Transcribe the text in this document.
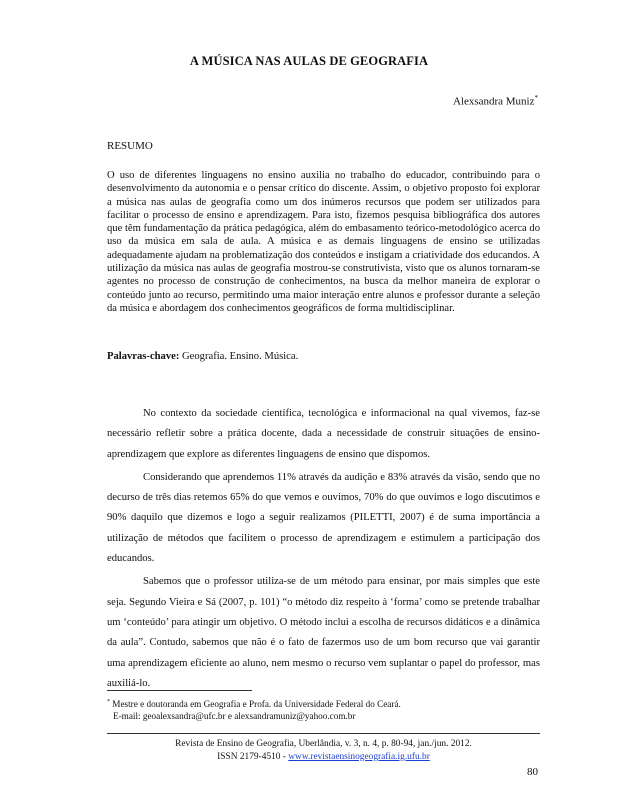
A MÚSICA NAS AULAS DE GEOGRAFIA
Alexsandra Muniz*
RESUMO

O uso de diferentes linguagens no ensino auxilia no trabalho do educador, contribuindo para o desenvolvimento da autonomia e o pensar crítico do discente. Assim, o objetivo proposto foi explorar a música nas aulas de geografia como um dos inúmeros recursos que podem ser utilizados para facilitar o processo de ensino e aprendizagem. Para isto, fizemos pesquisa bibliográfica dos autores que têm fundamentação da prática pedagógica, além do embasamento teórico-metodológico acerca do uso da música em sala de aula. A música e as demais linguagens de ensino se utilizadas adequadamente ajudam na problematização dos conteúdos e instigam a criatividade dos educandos. A utilização da música nas aulas de geografia mostrou-se construtivista, visto que os alunos tornaram-se agentes no processo de construção de conhecimentos, na busca da melhor maneira de explorar o conteúdo junto ao recurso, permitindo uma maior interação entre alunos e professor durante a seleção da música e abordagem dos conhecimentos geográficos de forma multidisciplinar.

Palavras-chave: Geografia. Ensino. Música.

No contexto da sociedade científica, tecnológica e informacional na qual vivemos, faz-se necessário refletir sobre a prática docente, dada a necessidade de construir situações de ensino-aprendizagem que explore as diferentes linguagens de ensino que dispomos.

Considerando que aprendemos 11% através da audição e 83% através da visão, sendo que no decurso de três dias retemos 65% do que vemos e ouvimos, 70% do que ouvimos e logo discutimos e 90% daquilo que dizemos e logo a seguir realizamos (PILETTI, 2007) é de suma importância a utilização de métodos que facilitem o processo de aprendizagem e estimulem a participação dos educandos.

Sabemos que o professor utiliza-se de um método para ensinar, por mais simples que este seja. Segundo Vieira e Sá (2007, p. 101) “o método diz respeito à ‘forma’ como se pretende trabalhar um ‘conteúdo’ para atingir um objetivo. O método inclui a escolha de recursos didáticos e a dinâmica da aula”. Contudo, sabemos que não é o fato de fazermos uso de um bom recurso que vai garantir uma aprendizagem eficiente ao aluno, nem mesmo o recurso vem suplantar o papel do professor, mas auxiliá-lo.

* Mestre e doutoranda em Geografia e Profa. da Universidade Federal do Ceará.
E-mail: geoalexsandra@ufc.br e alexsandramuniz@yahoo.com.br
Revista de Ensino de Geografia, Uberlândia, v. 3, n. 4, p. 80-94, jan./jun. 2012.
ISSN 2179-4510 - www.revistaensinogeografia.ig.ufu.br
80
